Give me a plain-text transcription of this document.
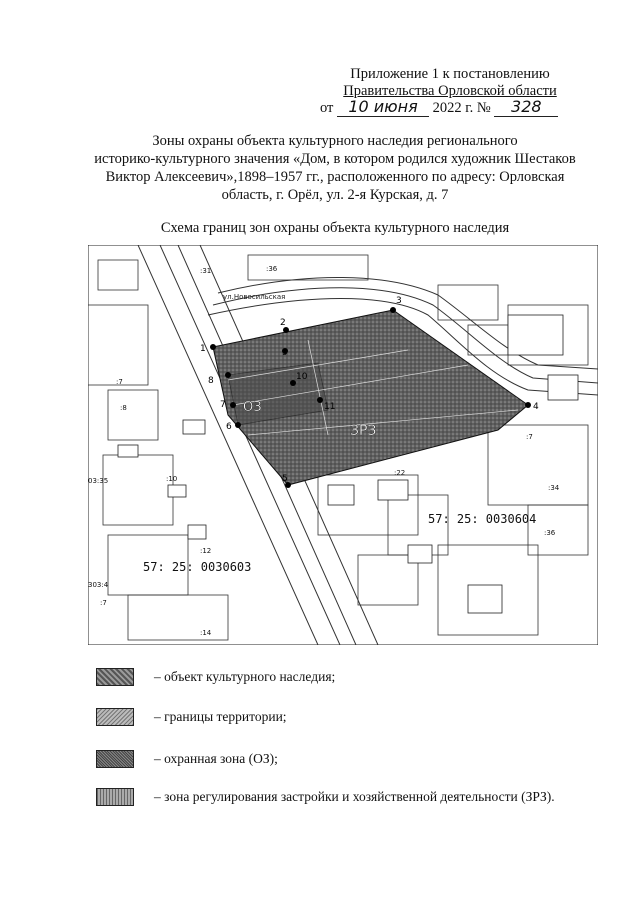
Приложение 1 к постановлению
Правительства Орловской области
от 10 июня 2022 г. № 328
Зоны охраны объекта культурного наследия регионального
историко-культурного значения «Дом, в котором родился художник Шестаков
Виктор Алексеевич»,1898–1957 гг., расположенного по адресу: Орловская
область, г. Орёл, ул. 2-я Курская, д. 7
Схема границ зон охраны объекта культурного наследия
ул.Новосильская
ОЗ
ЗРЗ
1
2
3
4
5
6
7
8
9
10
11
57: 25: 0030604
57: 25: 0030603
:31	:36
:22
:34
:36
:7
:7
:8
:10
:12
:14
:7
03:35
303:4
– объект культурного наследия;
– границы территории;
– охранная зона (ОЗ);
– зона регулирования застройки и хозяйственной деятельности (ЗРЗ).
